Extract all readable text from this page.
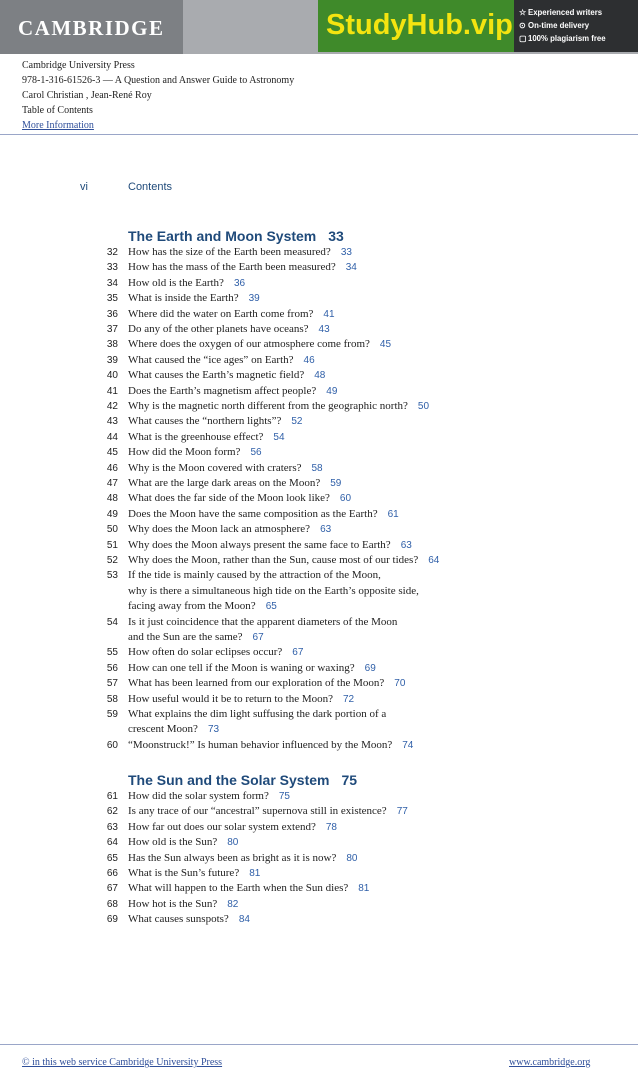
CAMBRIDGE	StudyHub.vip ☆ Experienced writers
⊙ On-time delivery
▢ 100% plagiarism free
Cambridge University Press
978-1-316-61526-3 — A Question and Answer Guide to Astronomy
Carol Christian , Jean-René Roy
Table of Contents
More Information
vi	Contents
The Earth and Moon System 33
32 How has the size of the Earth been measured? 33
33 How has the mass of the Earth been measured? 34
34 How old is the Earth? 36
35 What is inside the Earth? 39
36 Where did the water on Earth come from? 41
37 Do any of the other planets have oceans? 43
38 Where does the oxygen of our atmosphere come from? 45
39 What caused the “ice ages” on Earth? 46
40 What causes the Earth’s magnetic field? 48
41 Does the Earth’s magnetism affect people? 49
42 Why is the magnetic north different from the geographic north? 50
43 What causes the “northern lights”? 52
44 What is the greenhouse effect? 54
45 How did the Moon form? 56
46 Why is the Moon covered with craters? 58
47 What are the large dark areas on the Moon? 59
48 What does the far side of the Moon look like? 60
49 Does the Moon have the same composition as the Earth? 61
50 Why does the Moon lack an atmosphere? 63
51 Why does the Moon always present the same face to Earth? 63
52 Why does the Moon, rather than the Sun, cause most of our tides? 64
53 If the tide is mainly caused by the attraction of the Moon,
why is there a simultaneous high tide on the Earth’s opposite side,
facing away from the Moon? 65
54 Is it just coincidence that the apparent diameters of the Moon
and the Sun are the same? 67
55 How often do solar eclipses occur? 67
56 How can one tell if the Moon is waning or waxing? 69
57 What has been learned from our exploration of the Moon? 70
58 How useful would it be to return to the Moon? 72
59 What explains the dim light suffusing the dark portion of a
crescent Moon? 73
60 “Moonstruck!” Is human behavior influenced by the Moon? 74
The Sun and the Solar System 75
61 How did the solar system form? 75
62 Is any trace of our “ancestral” supernova still in existence? 77
63 How far out does our solar system extend? 78
64 How old is the Sun? 80
65 Has the Sun always been as bright as it is now? 80
66 What is the Sun’s future? 81
67 What will happen to the Earth when the Sun dies? 81
68 How hot is the Sun? 82
69 What causes sunspots? 84
© in this web service Cambridge University Press	www.cambridge.org
